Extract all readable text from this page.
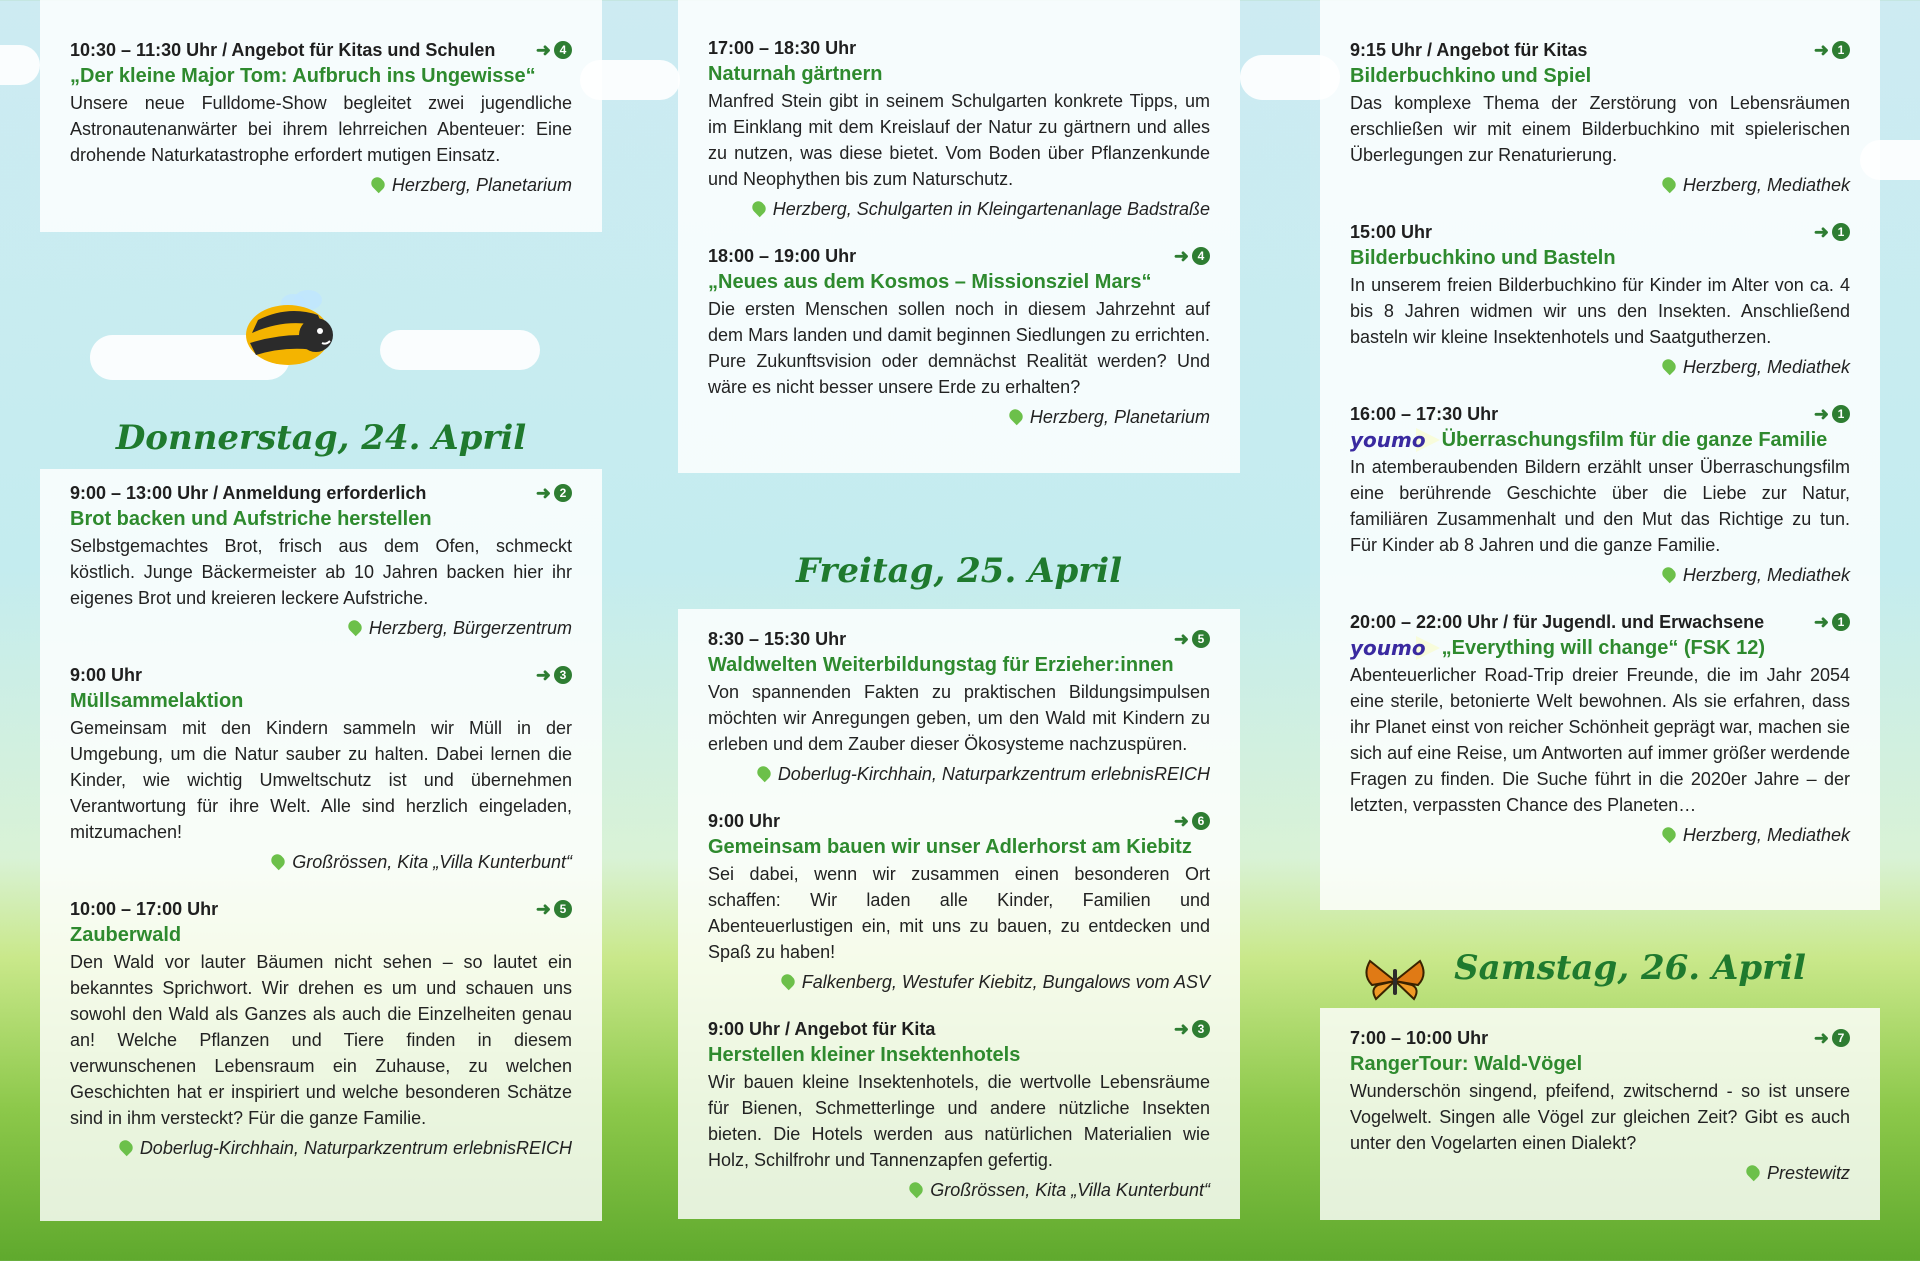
10:30 – 11:30 Uhr / Angebot für Kitas und Schulen ➜ 4
„Der kleine Major Tom: Aufbruch ins Ungewisse“
Unsere neue Fulldome-Show begleitet zwei jugendliche Astronautenanwärter bei ihrem lehrreichen Abenteuer: Eine drohende Naturkatastrophe erfordert mutigen Einsatz.
Herzberg, Planetarium
Donnerstag, 24. April
9:00 – 13:00 Uhr / Anmeldung erforderlich	➜ 2
Brot backen und Aufstriche herstellen
Selbstgemachtes Brot, frisch aus dem Ofen, schmeckt köstlich. Junge Bäckermeister ab 10 Jahren backen hier ihr eigenes Brot und kreieren leckere Aufstriche.
Herzberg, Bürgerzentrum
9:00 Uhr	➜ 3
Müllsammelaktion
Gemeinsam mit den Kindern sammeln wir Müll in der Umgebung, um die Natur sauber zu halten. Dabei lernen die Kinder, wie wichtig Umweltschutz ist und übernehmen Verantwortung für ihre Welt. Alle sind herzlich eingeladen, mitzumachen!
Großrössen, Kita „Villa Kunterbunt“
10:00 – 17:00 Uhr	➜ 5
Zauberwald
Den Wald vor lauter Bäumen nicht sehen – so lautet ein bekanntes Sprichwort. Wir drehen es um und schauen uns sowohl den Wald als Ganzes als auch die Einzelheiten genau an! Welche Pflanzen und Tiere finden in diesem verwunschenen Lebensraum ein Zuhause, zu welchen Geschichten hat er inspiriert und welche besonderen Schätze sind in ihm versteckt? Für die ganze Familie.
Doberlug-Kirchhain, Naturparkzentrum erlebnisREICH
17:00 – 18:30 Uhr
Naturnah gärtnern
Manfred Stein gibt in seinem Schulgarten konkrete Tipps, um im Einklang mit dem Kreislauf der Natur zu gärtnern und alles zu nutzen, was diese bietet. Vom Boden über Pflanzenkunde und Neophythen bis zum Naturschutz.
Herzberg, Schulgarten in Kleingartenanlage Badstraße
18:00 – 19:00 Uhr	➜ 4
„Neues aus dem Kosmos – Missionsziel Mars“
Die ersten Menschen sollen noch in diesem Jahrzehnt auf dem Mars landen und damit beginnen Siedlungen zu errichten. Pure Zukunftsvision oder demnächst Realität werden? Und wäre es nicht besser unsere Erde zu erhalten?
Herzberg, Planetarium
Freitag, 25. April
8:30 – 15:30 Uhr	➜ 5
Waldwelten Weiterbildungstag für Erzieher:innen
Von spannenden Fakten zu praktischen Bildungsimpulsen möchten wir Anregungen geben, um den Wald mit Kindern zu erleben und dem Zauber dieser Ökosysteme nachzuspüren.
Doberlug-Kirchhain, Naturparkzentrum erlebnisREICH
9:00 Uhr	➜ 6
Gemeinsam bauen wir unser Adlerhorst am Kiebitz
Sei dabei, wenn wir zusammen einen besonderen Ort schaffen: Wir laden alle Kinder, Familien und Abenteuerlustigen ein, mit uns zu bauen, zu entdecken und Spaß zu haben!
Falkenberg, Westufer Kiebitz, Bungalows vom ASV
9:00 Uhr / Angebot für Kita	➜ 3
Herstellen kleiner Insektenhotels
Wir bauen kleine Insektenhotels, die wertvolle Lebensräume für Bienen, Schmetterlinge und andere nützliche Insekten bieten. Die Hotels werden aus natürlichen Materialien wie Holz, Schilfrohr und Tannenzapfen gefertig.
Großrössen, Kita „Villa Kunterbunt“
9:15 Uhr / Angebot für Kitas	➜ 1
Bilderbuchkino und Spiel
Das komplexe Thema der Zerstörung von Lebensräumen erschließen wir mit einem Bilderbuchkino mit spielerischen Überlegungen zur Renaturierung.
Herzberg, Mediathek
15:00 Uhr	➜ 1
Bilderbuchkino und Basteln
In unserem freien Bilderbuchkino für Kinder im Alter von ca. 4 bis 8 Jahren widmen wir uns den Insekten. Anschließend basteln wir kleine Insektenhotels und Saatgutherzen.
Herzberg, Mediathek
16:00 – 17:30 Uhr	➜ 1
youmo Überraschungsfilm für die ganze Familie
In atemberaubenden Bildern erzählt unser Überraschungsfilm eine berührende Geschichte über die Liebe zur Natur, familiären Zusammenhalt und den Mut das Richtige zu tun. Für Kinder ab 8 Jahren und die ganze Familie.
Herzberg, Mediathek
20:00 – 22:00 Uhr / für Jugendl. und Erwachsene	➜ 1
youmo „Everything will change“ (FSK 12)
Abenteuerlicher Road-Trip dreier Freunde, die im Jahr 2054 eine sterile, betonierte Welt bewohnen. Als sie erfahren, dass ihr Planet einst von reicher Schönheit geprägt war, machen sie sich auf eine Reise, um Antworten auf immer größer werdende Fragen zu finden. Die Suche führt in die 2020er Jahre – der letzten, verpassten Chance des Planeten…
Herzberg, Mediathek
Samstag, 26. April
7:00 – 10:00 Uhr	➜ 7
RangerTour: Wald-Vögel
Wunderschön singend, pfeifend, zwitschernd - so ist unsere Vogelwelt. Singen alle Vögel zur gleichen Zeit? Gibt es auch unter den Vogelarten einen Dialekt?
Prestewitz
